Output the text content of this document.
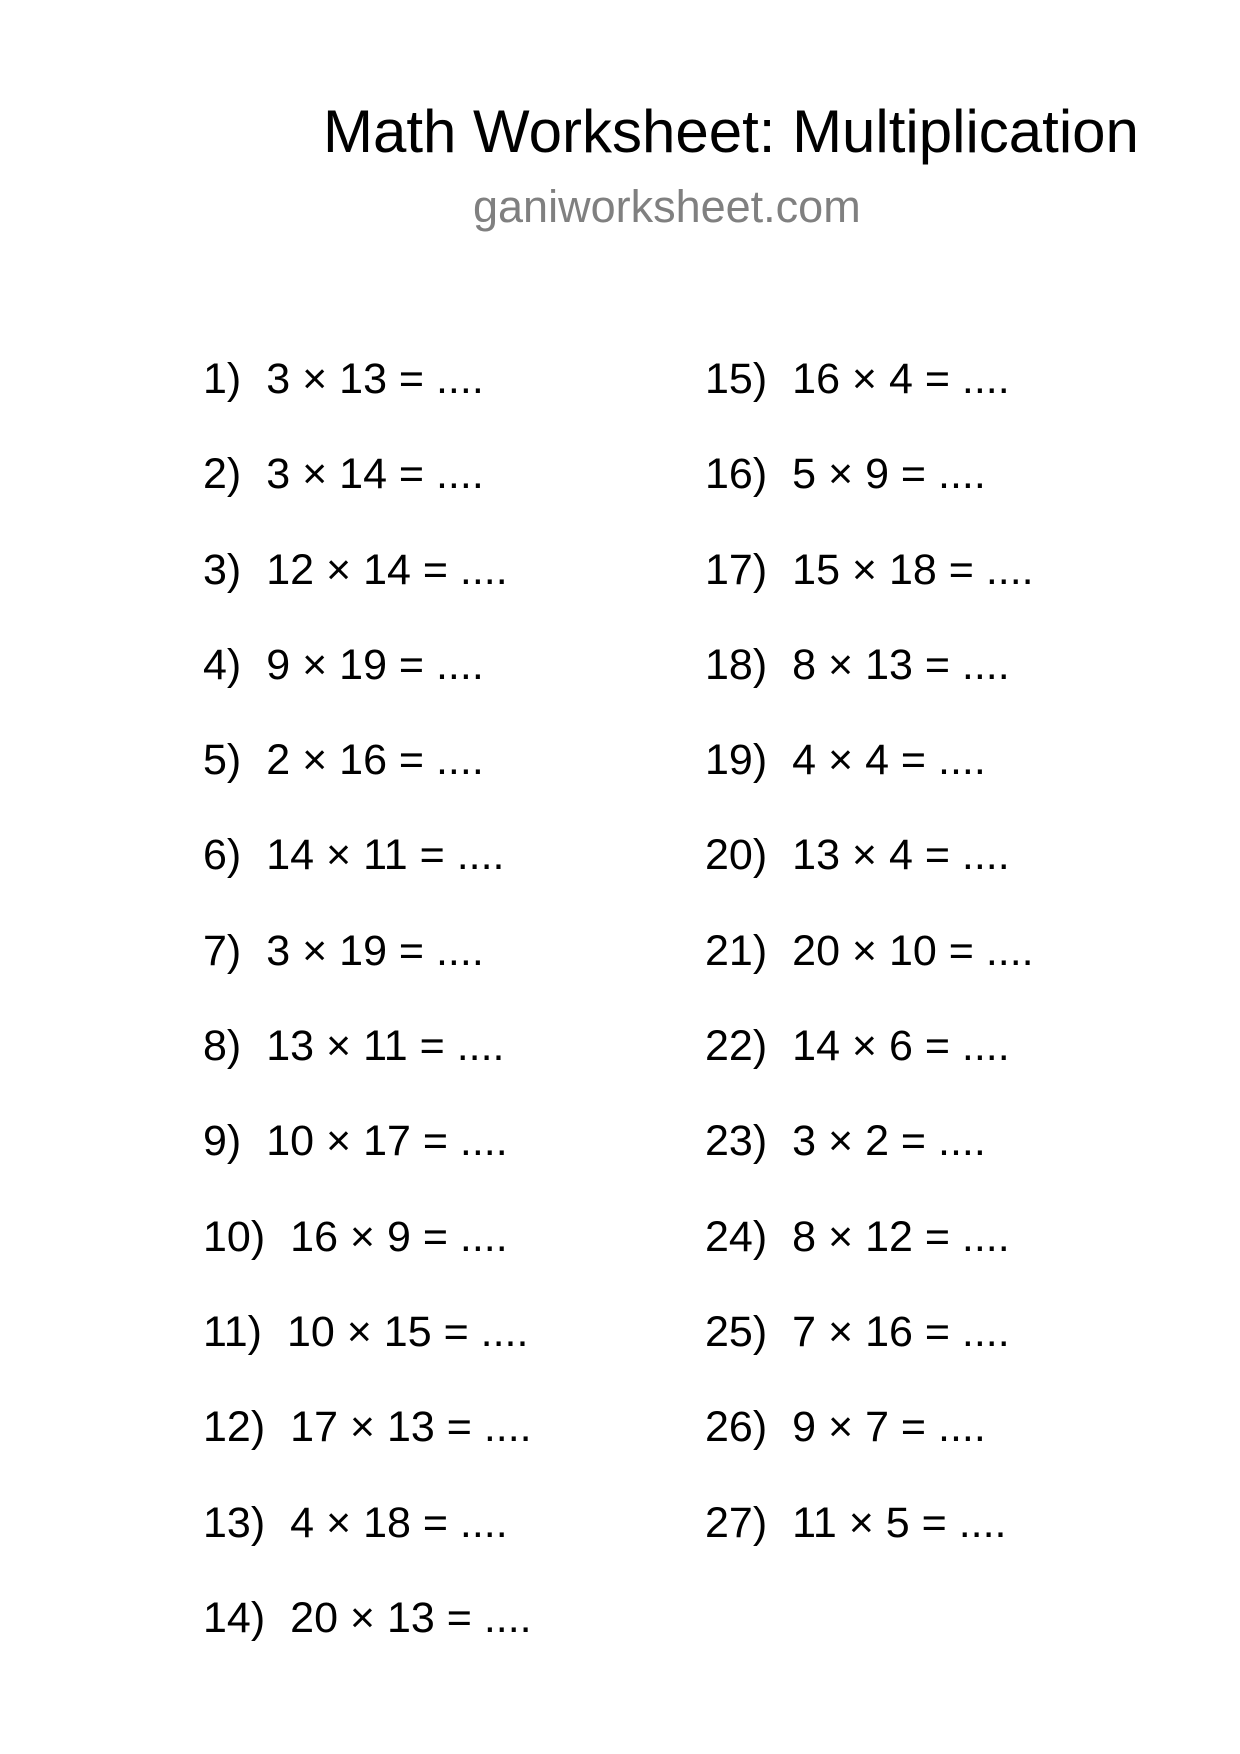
Math Worksheet: Multiplication
ganiworksheet.com
1) 3 × 13 = ....
2) 3 × 14 = ....
3) 12 × 14 = ....
4) 9 × 19 = ....
5) 2 × 16 = ....
6) 14 × 11 = ....
7) 3 × 19 = ....
8) 13 × 11 = ....
9) 10 × 17 = ....
10) 16 × 9 = ....
11) 10 × 15 = ....
12) 17 × 13 = ....
13) 4 × 18 = ....
14) 20 × 13 = ....
15) 16 × 4 = ....
16) 5 × 9 = ....
17) 15 × 18 = ....
18) 8 × 13 = ....
19) 4 × 4 = ....
20) 13 × 4 = ....
21) 20 × 10 = ....
22) 14 × 6 = ....
23) 3 × 2 = ....
24) 8 × 12 = ....
25) 7 × 16 = ....
26) 9 × 7 = ....
27) 11 × 5 = ....
